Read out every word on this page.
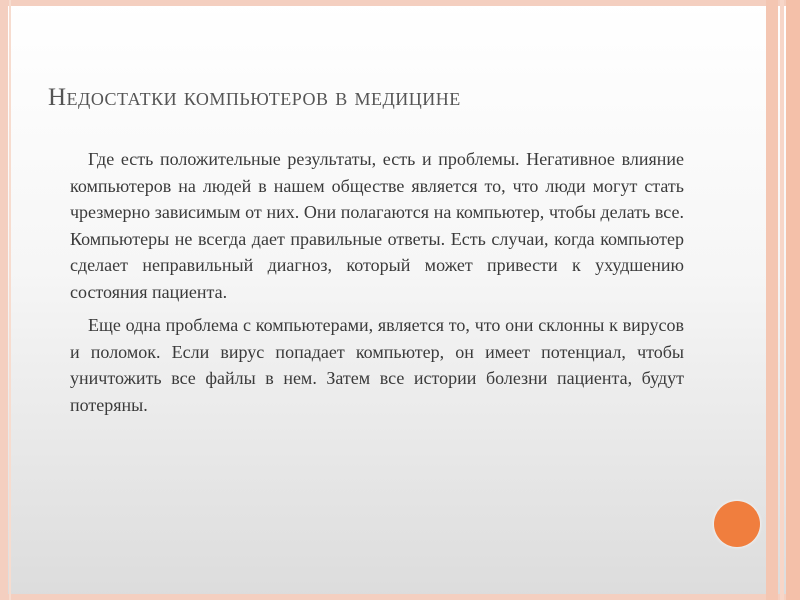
Недостатки компьютеров в медицине

Где есть положительные результаты, есть и проблемы. Негативное влияние компьютеров на людей в нашем обществе является то, что люди могут стать чрезмерно зависимым от них. Они полагаются на компьютер, чтобы делать все. Компьютеры не всегда дает правильные ответы. Есть случаи, когда компьютер сделает неправильный диагноз, который может привести к ухудшению состояния пациента.

Еще одна проблема с компьютерами, является то, что они склонны к вирусов и поломок. Если вирус попадает компьютер, он имеет потенциал, чтобы уничтожить все файлы в нем. Затем все истории болезни пациента, будут потеряны.
